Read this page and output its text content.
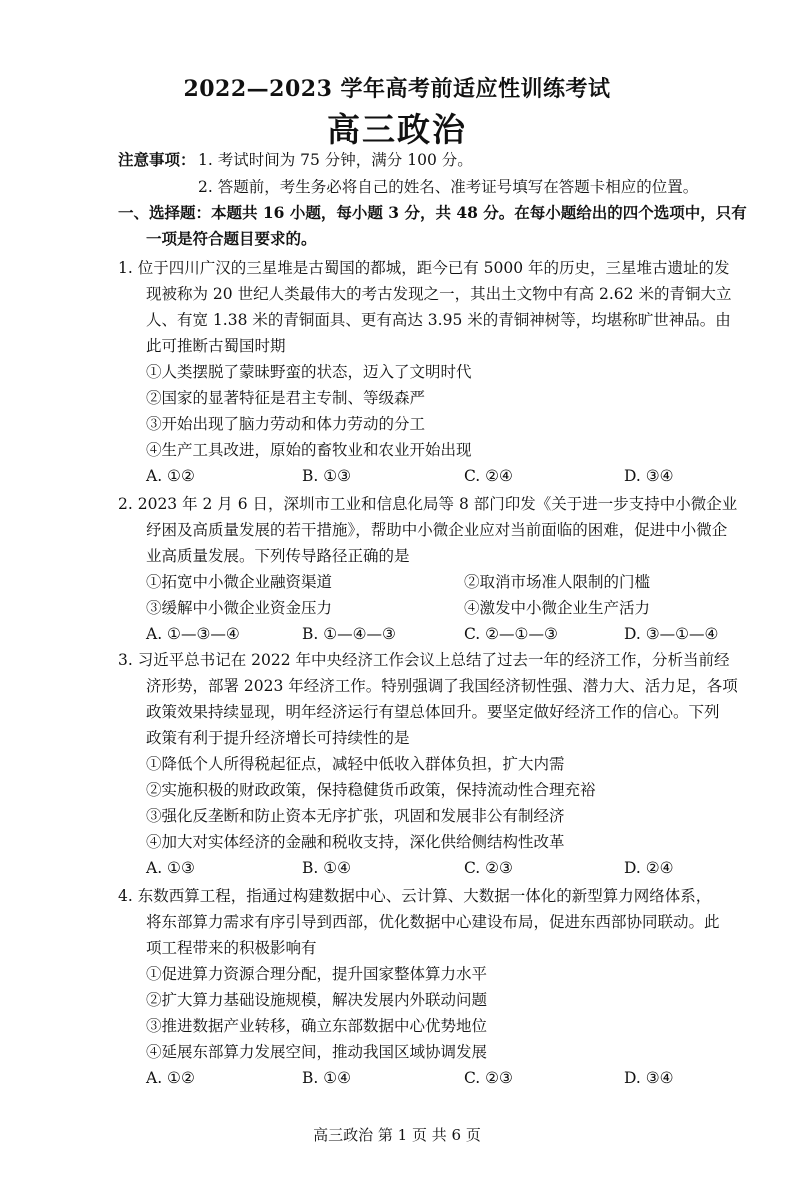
2022—2023 学年高考前适应性训练考试
高三政治
注意事项： 1. 考试时间为 75 分钟，满分 100 分。
2. 答题前，考生务必将自己的姓名、准考证号填写在答题卡相应的位置。
一、选择题：本题共 16 小题，每小题 3 分，共 48 分。在每小题给出的四个选项中，只有
一项是符合题目要求的。
1. 位于四川广汉的三星堆是古蜀国的都城，距今已有 5000 年的历史，三星堆古遗址的发
现被称为 20 世纪人类最伟大的考古发现之一，其出土文物中有高 2.62 米的青铜大立
人、有宽 1.38 米的青铜面具、更有高达 3.95 米的青铜神树等，均堪称旷世神品。由
此可推断古蜀国时期
①人类摆脱了蒙昧野蛮的状态，迈入了文明时代
②国家的显著特征是君主专制、等级森严
③开始出现了脑力劳动和体力劳动的分工
④生产工具改进，原始的畜牧业和农业开始出现
A. ①②	B. ①③	C. ②④	D. ③④
2. 2023 年 2 月 6 日，深圳市工业和信息化局等 8 部门印发《关于进一步支持中小微企业
纾困及高质量发展的若干措施》，帮助中小微企业应对当前面临的困难，促进中小微企
业高质量发展。下列传导路径正确的是
①拓宽中小微企业融资渠道	②取消市场准人限制的门槛
③缓解中小微企业资金压力	④激发中小微企业生产活力
A. ①—③—④	B. ①—④—③	C. ②—①—③	D. ③—①—④
3. 习近平总书记在 2022 年中央经济工作会议上总结了过去一年的经济工作，分析当前经
济形势，部署 2023 年经济工作。特别强调了我国经济韧性强、潜力大、活力足，各项
政策效果持续显现，明年经济运行有望总体回升。要坚定做好经济工作的信心。下列
政策有利于提升经济增长可持续性的是
①降低个人所得税起征点，减轻中低收入群体负担，扩大内需
②实施积极的财政政策，保持稳健货币政策，保持流动性合理充裕
③强化反垄断和防止资本无序扩张，巩固和发展非公有制经济
④加大对实体经济的金融和税收支持，深化供给侧结构性改革
A. ①③	B. ①④	C. ②③	D. ②④
4. 东数西算工程，指通过构建数据中心、云计算、大数据一体化的新型算力网络体系，
将东部算力需求有序引导到西部，优化数据中心建设布局，促进东西部协同联动。此
项工程带来的积极影响有
①促进算力资源合理分配，提升国家整体算力水平
②扩大算力基础设施规模，解决发展内外联动问题
③推进数据产业转移，确立东部数据中心优势地位
④延展东部算力发展空间，推动我国区域协调发展
A. ①②	B. ①④	C. ②③	D. ③④
高三政治 第 1 页 共 6 页
